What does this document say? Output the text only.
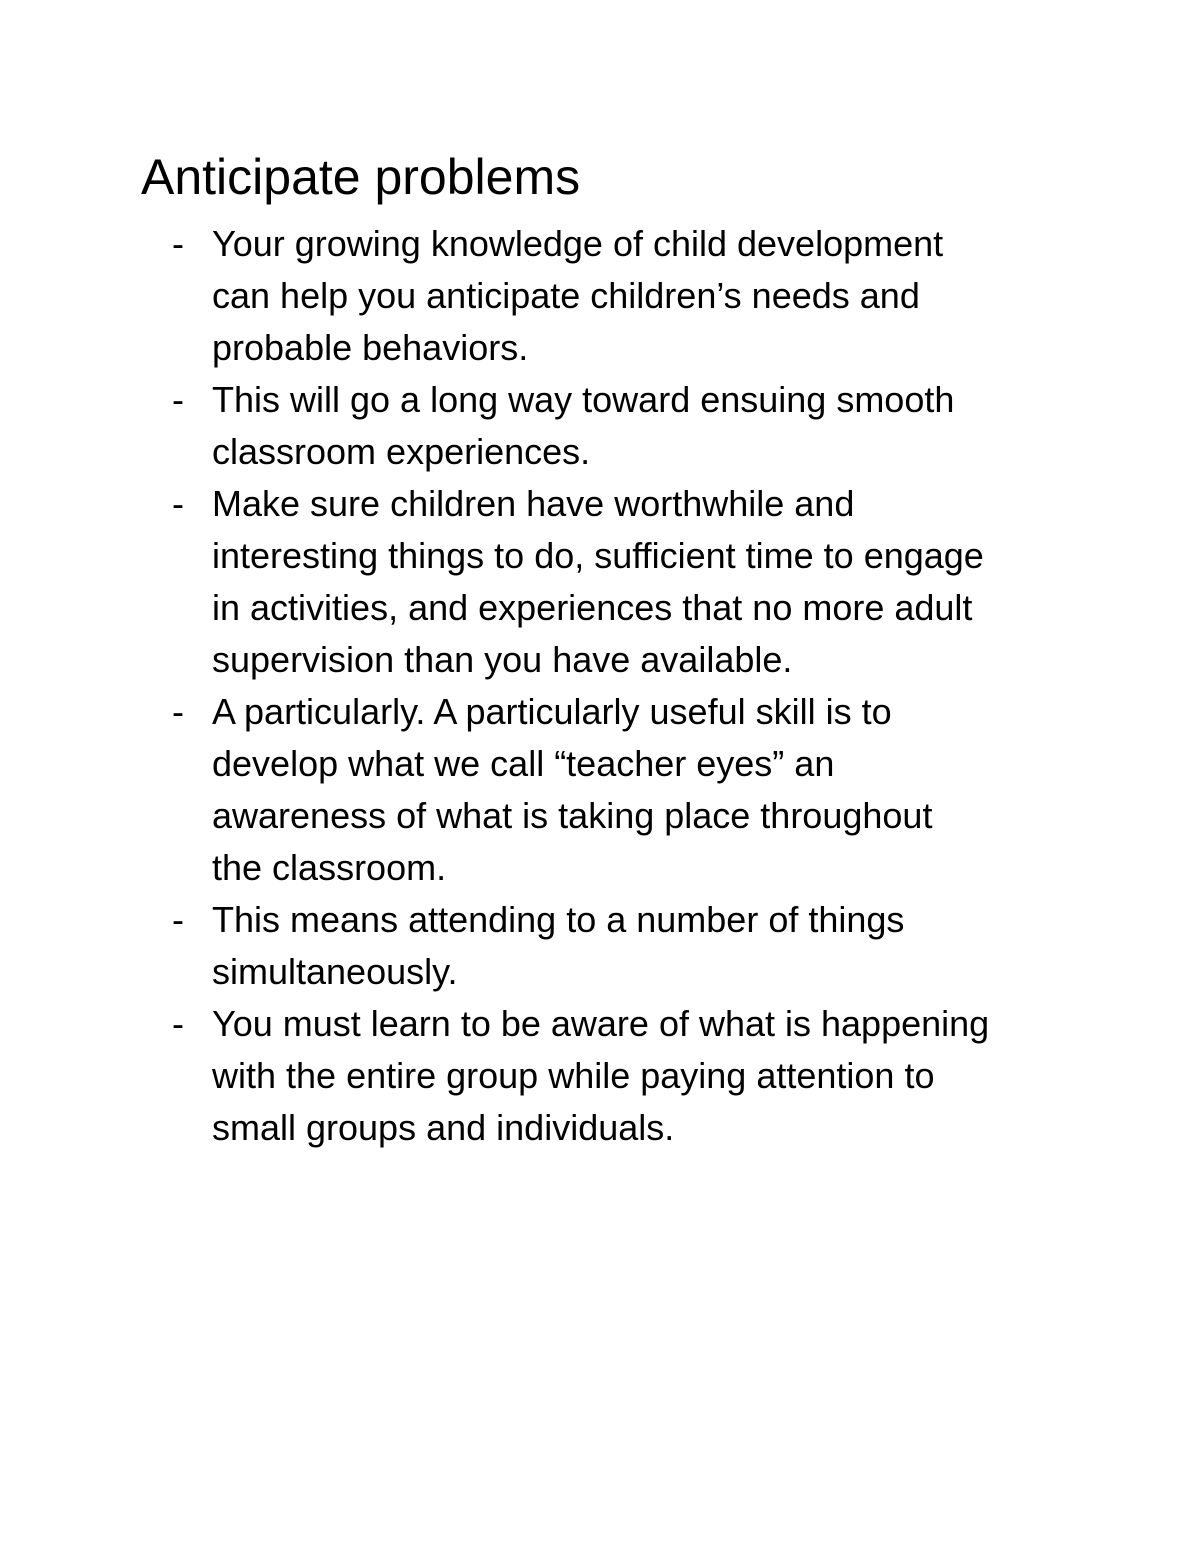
Anticipate problems
- Your growing knowledge of child development
can help you anticipate children’s needs and
probable behaviors.
- This will go a long way toward ensuing smooth
classroom experiences.
- Make sure children have worthwhile and
interesting things to do, sufficient time to engage
in activities, and experiences that no more adult
supervision than you have available.
- A particularly. A particularly useful skill is to
develop what we call “teacher eyes” an
awareness of what is taking place throughout
the classroom.
- This means attending to a number of things
simultaneously.
- You must learn to be aware of what is happening
with the entire group while paying attention to
small groups and individuals.
